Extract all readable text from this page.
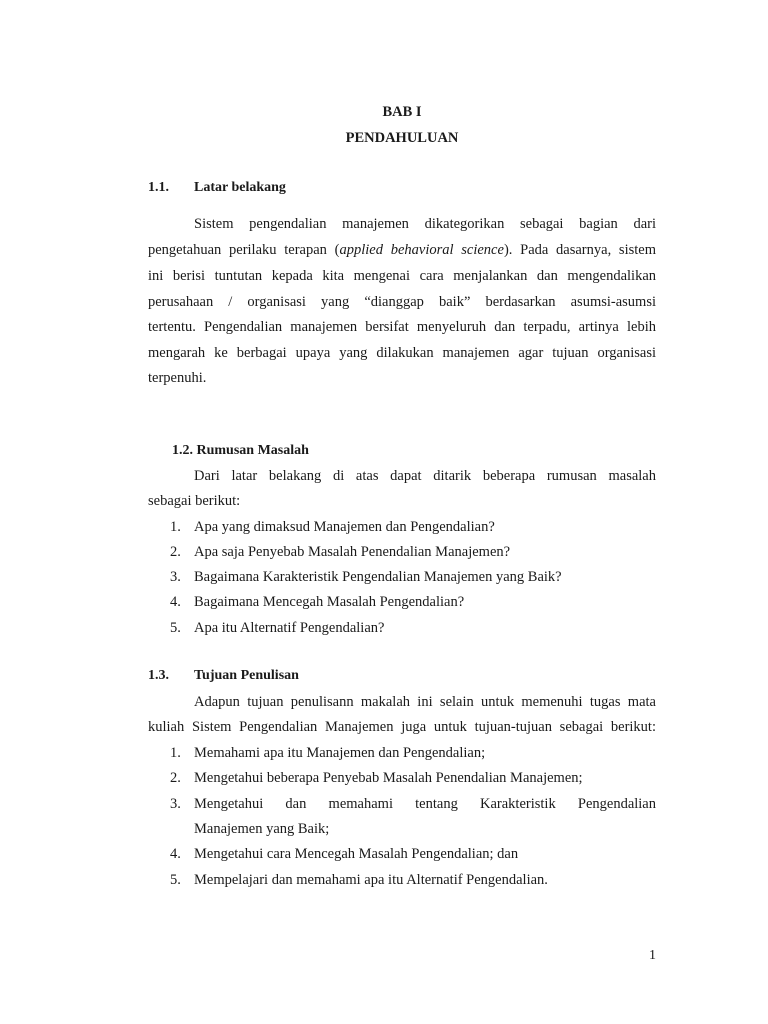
BAB I
PENDAHULUAN
1.1. Latar belakang
Sistem pengendalian manajemen dikategorikan sebagai bagian dari
pengetahuan perilaku terapan (applied behavioral science). Pada dasarnya, sistem
ini berisi tuntutan kepada kita mengenai cara menjalankan dan mengendalikan
perusahaan / organisasi yang “dianggap baik” berdasarkan asumsi-asumsi
tertentu. Pengendalian manajemen bersifat menyeluruh dan terpadu, artinya lebih
mengarah ke berbagai upaya yang dilakukan manajemen agar tujuan organisasi
terpenuhi.
1.2. Rumusan Masalah
Dari latar belakang di atas dapat ditarik beberapa rumusan masalah
sebagai berikut:
1. Apa yang dimaksud Manajemen dan Pengendalian?
2. Apa saja Penyebab Masalah Penendalian Manajemen?
3. Bagaimana Karakteristik Pengendalian Manajemen yang Baik?
4. Bagaimana Mencegah Masalah Pengendalian?
5. Apa itu Alternatif Pengendalian?
1.3. Tujuan Penulisan
Adapun tujuan penulisann makalah ini selain untuk memenuhi tugas mata
kuliah Sistem Pengendalian Manajemen juga untuk tujuan-tujuan sebagai berikut:
1. Memahami apa itu Manajemen dan Pengendalian;
2. Mengetahui beberapa Penyebab Masalah Penendalian Manajemen;
3. Mengetahui dan memahami tentang Karakteristik Pengendalian
Manajemen yang Baik;
4. Mengetahui cara Mencegah Masalah Pengendalian; dan
5. Mempelajari dan memahami apa itu Alternatif Pengendalian.
1
